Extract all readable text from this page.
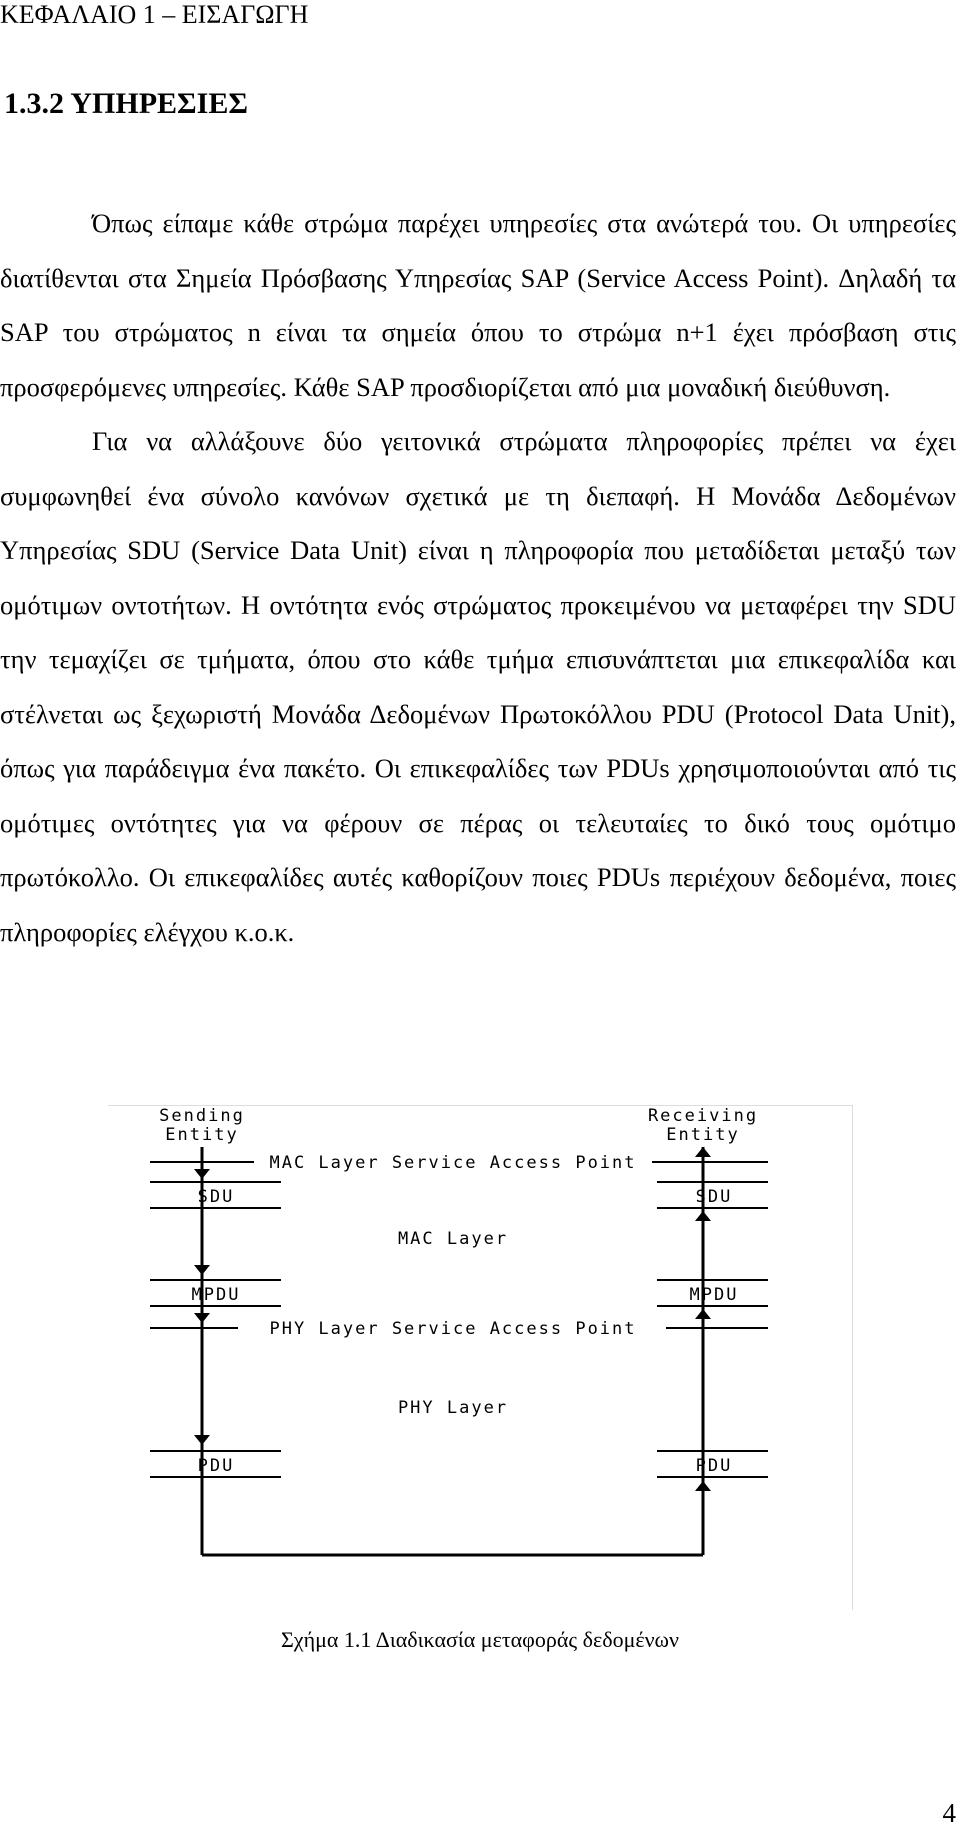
ΚΕΦΑΛΑΙΟ 1 – ΕΙΣΑΓΩΓΗ
1.3.2 ΥΠΗΡΕΣΙΕΣ

Όπως είπαμε κάθε στρώμα παρέχει υπηρεσίες στα ανώτερά του. Οι υπηρεσίες διατίθενται στα Σημεία Πρόσβασης Υπηρεσίας SAP (Service Access Point). Δηλαδή τα SAP του στρώματος n είναι τα σημεία όπου το στρώμα n+1 έχει πρόσβαση στις προσφερόμενες υπηρεσίες. Κάθε SAP προσδιορίζεται από μια μοναδική διεύθυνση.

Για να αλλάξουνε δύο γειτονικά στρώματα πληροφορίες πρέπει να έχει συμφωνηθεί ένα σύνολο κανόνων σχετικά με τη διεπαφή. Η Μονάδα Δεδομένων Υπηρεσίας SDU (Service Data Unit) είναι η πληροφορία που μεταδίδεται μεταξύ των ομότιμων οντοτήτων. Η οντότητα ενός στρώματος προκειμένου να μεταφέρει την SDU την τεμαχίζει σε τμήματα, όπου στο κάθε τμήμα επισυνάπτεται μια επικεφαλίδα και στέλνεται ως ξεχωριστή Μονάδα Δεδομένων Πρωτοκόλλου PDU (Protocol Data Unit), όπως για παράδειγμα ένα πακέτο. Οι επικεφαλίδες των PDUs χρησιμοποιούνται από τις ομότιμες οντότητες για να φέρουν σε πέρας οι τελευταίες το δικό τους ομότιμο πρωτόκολλο. Οι επικεφαλίδες αυτές καθορίζουν ποιες PDUs περιέχουν δεδομένα, ποιες πληροφορίες ελέγχου κ.ο.κ.

Sending
Entity
Receiving
Entity
MAC Layer Service Access Point
SDU	SDU
MAC Layer
MPDU	MPDU
PHY Layer Service Access Point
PHY Layer
PDU	PDU
Σχήμα 1.1 Διαδικασία μεταφοράς δεδομένων
4
